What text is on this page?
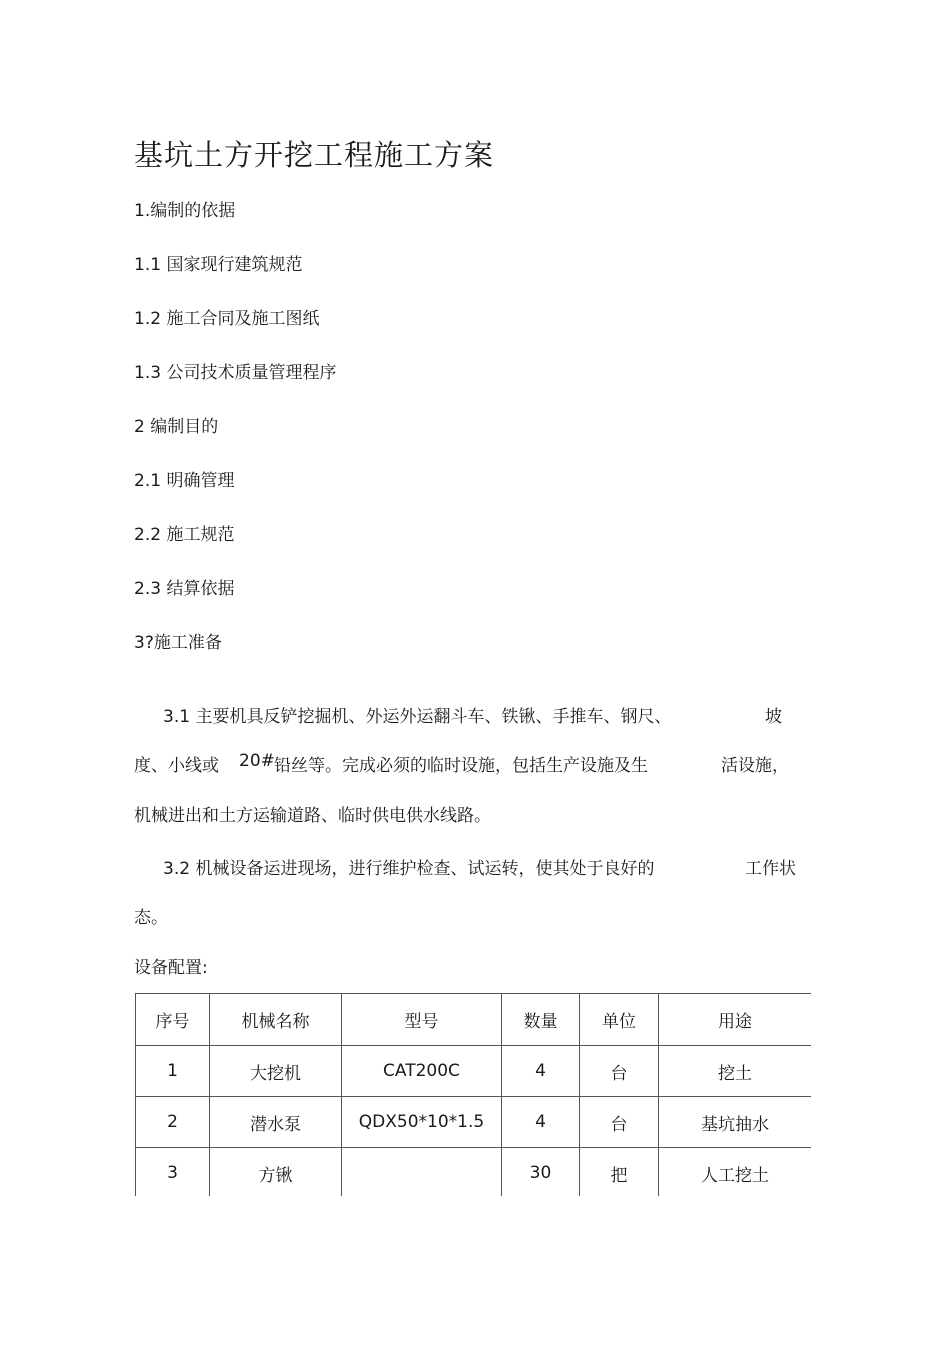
基坑土方开挖工程施工方案
1.编制的依据
1.1 国家现行建筑规范
1.2 施工合同及施工图纸
1.3 公司技术质量管理程序
2 编制目的
2.1 明确管理
2.2 施工规范
2.3 结算依据
3?施工准备
3.1 主要机具反铲挖掘机、外运外运翻斗车、铁锹、手推车、钢尺、	坡
度、小线或 20# 铅丝等。完成必须的临时设施，包括生产设施及生	活设施，
机械进出和土方运输道路、临时供电供水线路。
3.2 机械设备运进现场，进行维护检查、试运转，使其处于良好的	工作状
态。
设备配置:
序号	机械名称	型号	数量	单位	用途
1	大挖机	CAT200C	4	台	挖土
2	潜水泵	QDX50*10*1.5	4	台	基坑抽水
3	方锹		30	把	人工挖土
